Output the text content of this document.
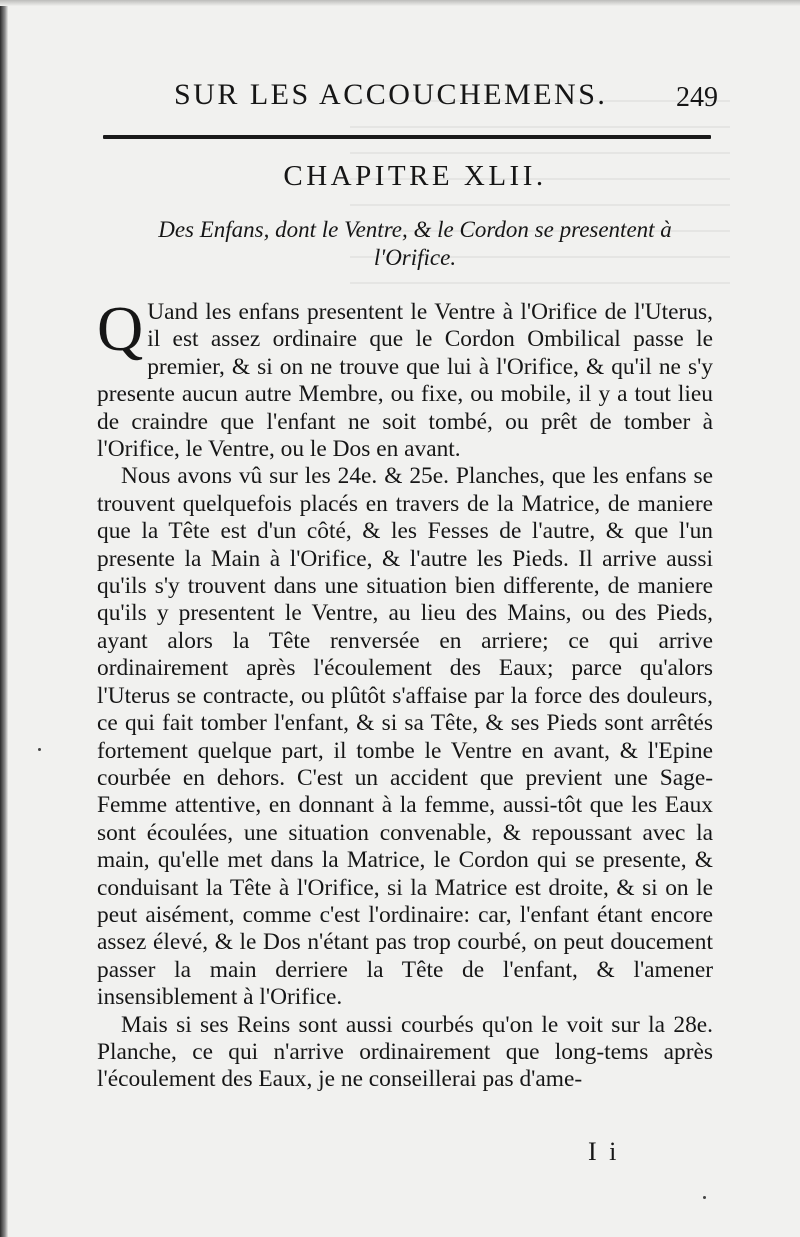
SUR LES ACCOUCHEMENS. 249
CHAPITRE XLII.
Des Enfans, dont le Ventre, & le Cordon se presentent à l'Orifice.

Q Uand les enfans presentent le Ventre à l'Orifice de l'Uterus, il est assez ordinaire que le Cordon Ombilical passe le premier, & si on ne trouve que lui à l'Orifice, & qu'il ne s'y presente aucun autre Membre, ou fixe, ou mobile, il y a tout lieu de craindre que l'enfant ne soit tombé, ou prêt de tomber à l'Orifice, le Ventre, ou le Dos en avant.

Nous avons vû sur les 24e. & 25e. Planches, que les enfans se trouvent quelquefois placés en travers de la Matrice, de maniere que la Tête est d'un côté, & les Fesses de l'autre, & que l'un presente la Main à l'Orifice, & l'autre les Pieds. Il arrive aussi qu'ils s'y trouvent dans une situation bien differente, de maniere qu'ils y presentent le Ventre, au lieu des Mains, ou des Pieds, ayant alors la Tête renversée en arriere; ce qui arrive ordinairement après l'écoulement des Eaux; parce qu'alors l'Uterus se contracte, ou plûtôt s'affaise par la force des douleurs, ce qui fait tomber l'enfant, & si sa Tête, & ses Pieds sont arrêtés fortement quelque part, il tombe le Ventre en avant, & l'Epine courbée en dehors. C'est un accident que previent une Sage-Femme attentive, en donnant à la femme, aussi-tôt que les Eaux sont écoulées, une situation convenable, & repoussant avec la main, qu'elle met dans la Matrice, le Cordon qui se presente, & conduisant la Tête à l'Orifice, si la Matrice est droite, & si on le peut aisément, comme c'est l'ordinaire: car, l'enfant étant encore assez élevé, & le Dos n'étant pas trop courbé, on peut doucement passer la main derriere la Tête de l'enfant, & l'amener insensiblement à l'Orifice.

Mais si ses Reins sont aussi courbés qu'on le voit sur la 28e. Planche, ce qui n'arrive ordinairement que long-tems après l'écoulement des Eaux, je ne conseillerai pas d'ame-

I i
